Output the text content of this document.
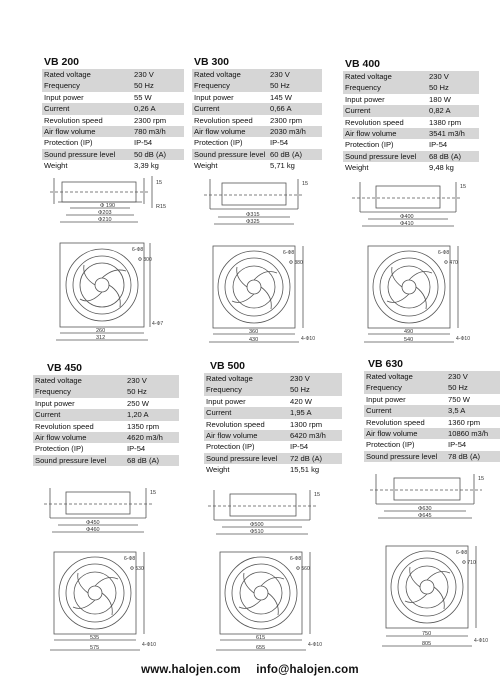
VB 200
Rated voltage	230 V
Frequency	50 Hz
Input power	55 W
Current	0,26 A
Revolution speed	2300 rpm
Air flow volume	780 m3/h
Protection (IP)	IP-54
Sound pressure level	50 dB (A)
Weight	3,39 kg
Φ 190
Φ203
Φ210
R15
15
260
312
6-Φ8
Φ 300
4-Φ7
VB 300
Rated voltage	230 V
Frequency	50 Hz
Input power	145 W
Current	0,66 A
Revolution speed	2300 rpm
Air flow volume	2030 m3/h
Protection (IP)	IP-54
Sound pressure level	60 dB (A)
Weight	5,71 kg
Φ315
Φ325
15
360
430
6-Φ8
Φ 380
4-Φ10
VB 400
Rated voltage	230 V
Frequency	50 Hz
Input power	180 W
Current	0,82 A
Revolution speed	1380 rpm
Air flow volume	3541 m3/h
Protection (IP)	IP-54
Sound pressure level	68 dB (A)
Weight	9,48 kg
Φ400
Φ410
15
490
540
6-Φ8
Φ 470
4-Φ10
VB 450
Rated voltage	230 V
Frequency	50 Hz
Input power	250 W
Current	1,20 A
Revolution speed	1350 rpm
Air flow volume	4620 m3/h
Protection (IP)	IP-54
Sound pressure level	68 dB (A)
Φ450
Φ460
15
535
575
6-Φ8
Φ 530
4-Φ10
VB 500
Rated voltage	230 V
Frequency	50 Hz
Input power	420 W
Current	1,95 A
Revolution speed	1300 rpm
Air flow volume	6420 m3/h
Protection (IP)	IP-54
Sound pressure level	72 dB (A)
Weight	15,51 kg
Φ500
Φ510
15
615
655
6-Φ8
Φ 560
4-Φ10
VB 630
Rated voltage	230 V
Frequency	50 Hz
Input power	750 W
Current	3,5 A
Revolution speed	1360 rpm
Air flow volume	10860 m3/h
Protection (IP)	IP-54
Sound pressure level	78 dB (A)
Φ630
Φ645
15
750
805
6-Φ8
Φ 710
4-Φ10
www.halojen.com info@halojen.com
